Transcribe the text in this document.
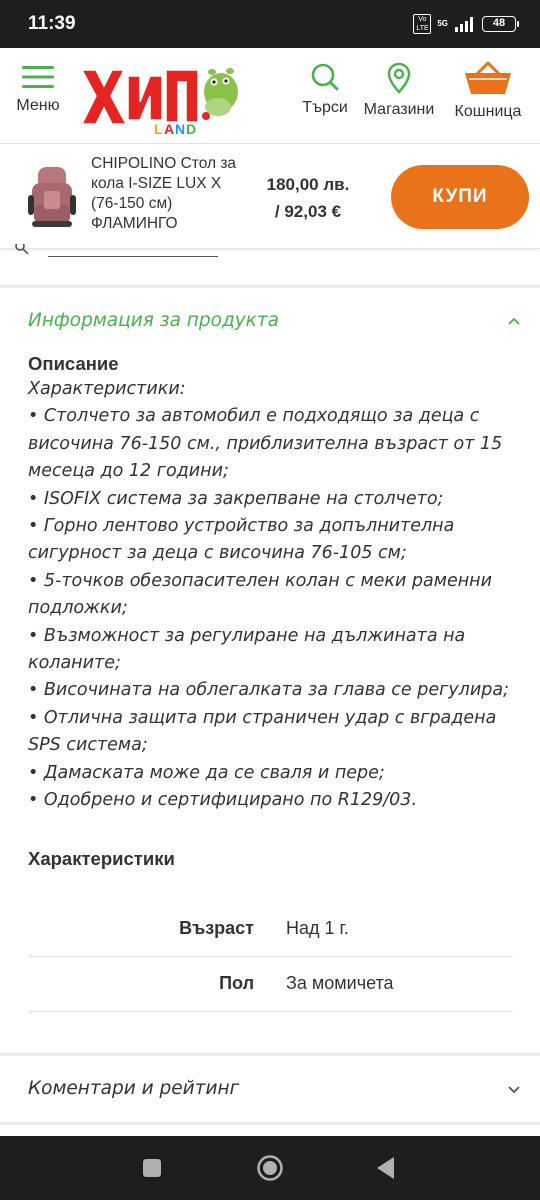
11:39	Vo LTE
5G	48
Меню
L A N D
Търси Магазини Кошница
CHIPOLINO Стол за кола I-SIZE LUX X (76-150 см) ФЛАМИНГО
180,00 лв.
/ 92,03 €
КУПИ
Информация за продукта
Описание
Характеристики:
• Столчето за автомобил е подходящо за деца с
височина 76-150 см., приблизителна възраст от 15
месеца до 12 години;
• ISOFIX система за закрепване на столчето;
• Горно лентово устройство за допълнителна
сигурност за деца с височина 76-105 см;
• 5-точков обезопасителен колан с меки раменни
подложки;
• Възможност за регулиране на дължината на
коланите;
• Височината на облегалката за глава се регулира;
• Отлична защита при страничен удар с вградена
SPS система;
• Дамаската може да се сваля и пере;
• Одобрено и сертифицирано по R129/03.
Характеристики
Възраст Над 1 г.
Пол За момичета
Коментари и рейтинг
